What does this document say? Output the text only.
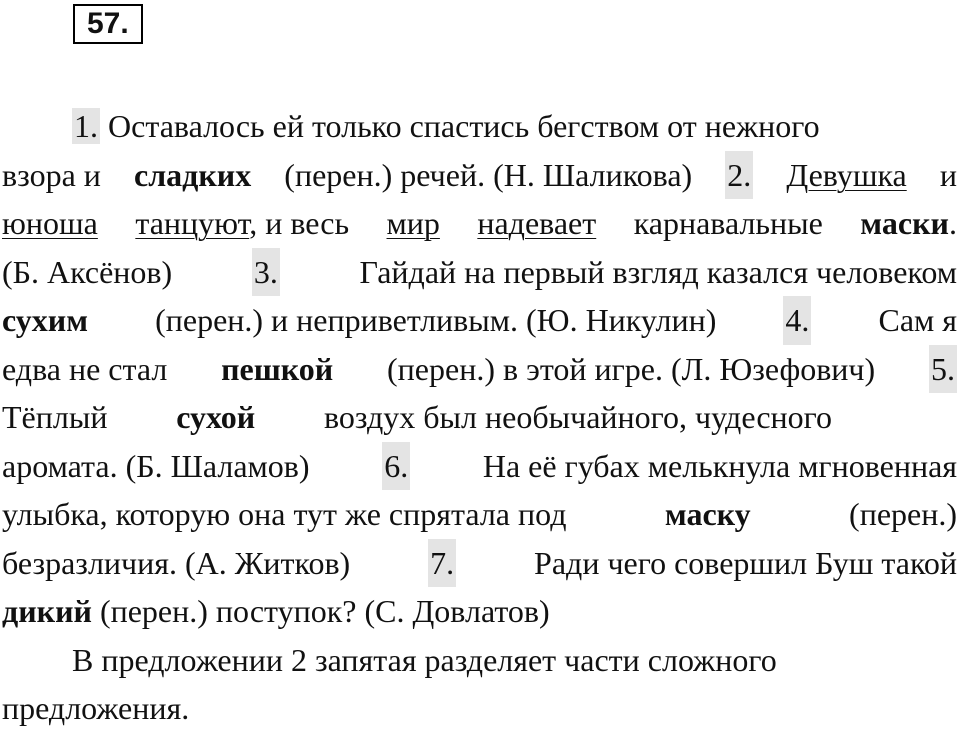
57.
1. Оставалось ей только спастись бегством от нежного
взора и сладких (перен.) речей. (Н. Шаликова) 2. Девушка и
юноша танцуют, и весь мир надевает карнавальные маски.
(Б. Аксёнов)	3.	Гайдай на первый взгляд казался человеком
сухим (перен.) и неприветливым. (Ю. Никулин) 4. Сам я
едва не стал пешкой (перен.) в этой игре. (Л. Юзефович) 5.
Тёплый сухой воздух был необычайного, чудесного
аромата. (Б. Шаламов) 6. На её губах мелькнула мгновенная
улыбка, которую она тут же спрятала под	маску	(перен.)
безразличия. (А. Житков) 7. Ради чего совершил Буш такой
дикий (перен.) поступок? (С. Довлатов)
В предложении 2 запятая разделяет части сложного
предложения.
